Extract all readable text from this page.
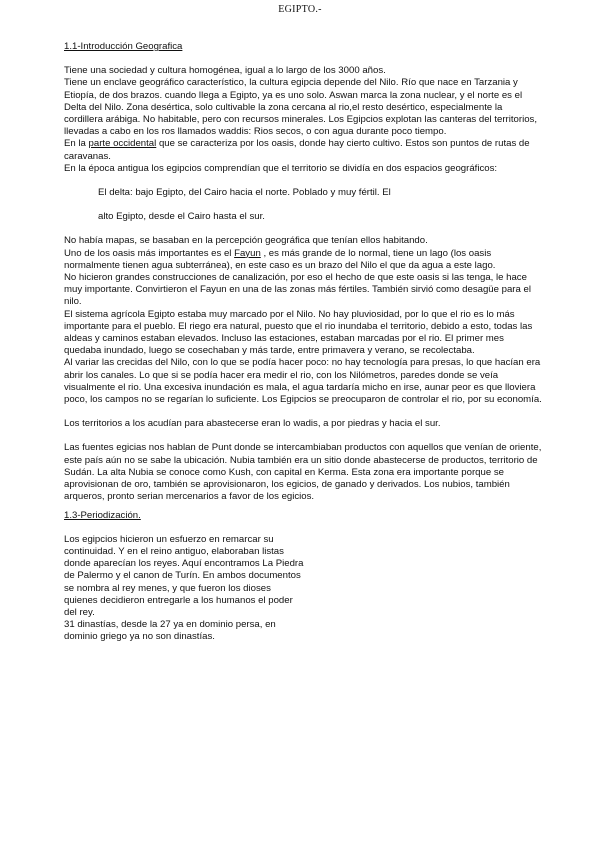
EGIPTO.-

1.1-Introducción Geografica

Tiene una sociedad y cultura homogénea, igual a lo largo de los 3000 años.

Tiene un enclave geográfico característico, la cultura egipcia depende del Nilo. Río que nace en Tarzania y Etiopía, de dos brazos. cuando llega a Egipto, ya es uno solo. Aswan marca la zona nuclear, y el norte es el Delta del Nilo. Zona desértica, solo cultivable la zona cercana al rio,el resto desértico, especialmente la cordillera arábiga. No habitable, pero con recursos minerales. Los Egipcios explotan las canteras del territorios, llevadas a cabo en los ros llamados waddis: Rios secos, o con agua durante poco tiempo.

En la parte occidental que se caracteriza por los oasis, donde hay cierto cultivo. Estos son puntos de rutas de caravanas.

En la época antigua los egipcios comprendían que el territorio se dividía en dos espacios geográficos:

El delta: bajo Egipto, del Cairo hacia el norte. Poblado y muy fértil. El

alto Egipto, desde el Cairo hasta el sur.

No había mapas, se basaban en la percepción geográfica que tenían ellos habitando.

Uno de los oasis más importantes es el Fayun , es más grande de lo normal, tiene un lago (los oasis normalmente tienen agua subterránea), en este caso es un brazo del Nilo el que da agua a este lago.

No hicieron grandes construcciones de canalización, por eso el hecho de que este oasis si las tenga, le hace muy importante. Convirtieron el Fayun en una de las zonas más fértiles. También sirvió como desagüe para el nilo.

El sistema agrícola Egipto estaba muy marcado por el Nilo. No hay pluviosidad, por lo que el rio es lo más importante para el pueblo. El riego era natural, puesto que el rio inundaba el territorio, debido a esto, todas las aldeas y caminos estaban elevados. Incluso las estaciones, estaban marcadas por el rio. El primer mes quedaba inundado, luego se cosechaban y más tarde, entre primavera y verano, se recolectaba.

Al variar las crecidas del Nilo, con lo que se podía hacer poco: no hay tecnología para presas, lo que hacían era abrir los canales. Lo que si se podía hacer era medir el rio, con los Nilómetros, paredes donde se veía visualmente el rio. Una excesiva inundación es mala, el agua tardaría micho en irse, aunar peor es que lloviera poco, los campos no se regarían lo suficiente. Los Egipcios se preocuparon de controlar el rio, por su economía.

Los territorios a los acudían para abastecerse eran lo wadis, a por piedras y hacia el sur.

Las fuentes egicias nos hablan de Punt donde se intercambiaban productos con aquellos que venían de oriente, este país aún no se sabe la ubicación. Nubia también era un sitio donde abastecerse de productos, territorio de Sudán. La alta Nubia se conoce como Kush, con capital en Kerma. Esta zona era importante porque se aprovisionan de oro, también se aprovisionaron, los egicios, de ganado y derivados. Los nubios, también arqueros, pronto serian mercenarios a favor de los egicios.

1.3-Periodización.

Los egipcios hicieron un esfuerzo en remarcar su continuidad. Y en el reino antiguo, elaboraban listas donde aparecían los reyes. Aquí encontramos La Piedra de Palermo y el canon de Turín. En ambos documentos se nombra al rey menes, y que fueron los dioses quienes decidieron entregarle a los humanos el poder del rey.

31 dinastías, desde la 27 ya en dominio persa, en dominio griego ya no son dinastías.
